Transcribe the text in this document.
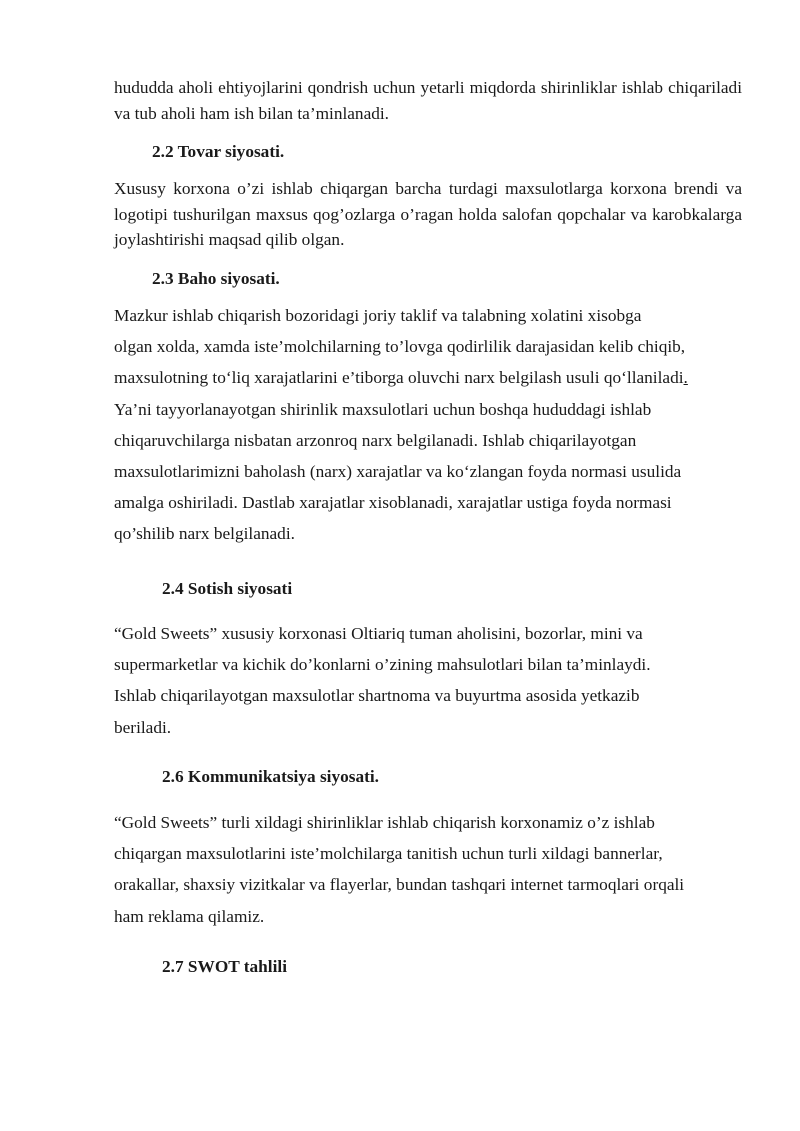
hududda aholi ehtiyojlarini qondrish uchun yetarli miqdorda shirinliklar ishlab chiqariladi va tub aholi ham ish bilan ta’minlanadi.

2.2 Tovar siyosati.

Xususy korxona o’zi ishlab chiqargan barcha turdagi maxsulotlarga korxona brendi va logotipi tushurilgan maxsus qog’ozlarga o’ragan holda salofan qopchalar va karobkalarga joylashtirishi maqsad qilib olgan.

2.3 Baho siyosati.
Mazkur ishlab chiqarish bozoridagi joriy taklif va talabning xolatini xisobga
olgan xolda, xamda iste’molchilarning to’lovga qodirlilik darajasidan kelib chiqib,
maxsulotning to‘liq xarajatlarini e’tiborga oluvchi narx belgilash usuli qo‘llaniladi.
Ya’ni tayyorlanayotgan shirinlik maxsulotlari uchun boshqa hududdagi ishlab
chiqaruvchilarga nisbatan arzonroq narx belgilanadi. Ishlab chiqarilayotgan
maxsulotlarimizni baholash (narx) xarajatlar va ko‘zlangan foyda normasi usulida
amalga oshiriladi. Dastlab xarajatlar xisoblanadi, xarajatlar ustiga foyda normasi
qo’shilib narx belgilanadi.
2.4 Sotish siyosati
“Gold Sweets” xususiy korxonasi Oltiariq tuman aholisini, bozorlar, mini va
supermarketlar va kichik do’konlarni o’zining mahsulotlari bilan ta’minlaydi.
Ishlab chiqarilayotgan maxsulotlar shartnoma va buyurtma asosida yetkazib
beriladi.
2.6 Kommunikatsiya siyosati.
“Gold Sweets” turli xildagi shirinliklar ishlab chiqarish korxonamiz o’z ishlab
chiqargan maxsulotlarini iste’molchilarga tanitish uchun turli xildagi bannerlar,
orakallar, shaxsiy vizitkalar va flayerlar, bundan tashqari internet tarmoqlari orqali
ham reklama qilamiz.
2.7 SWOT tahlili
